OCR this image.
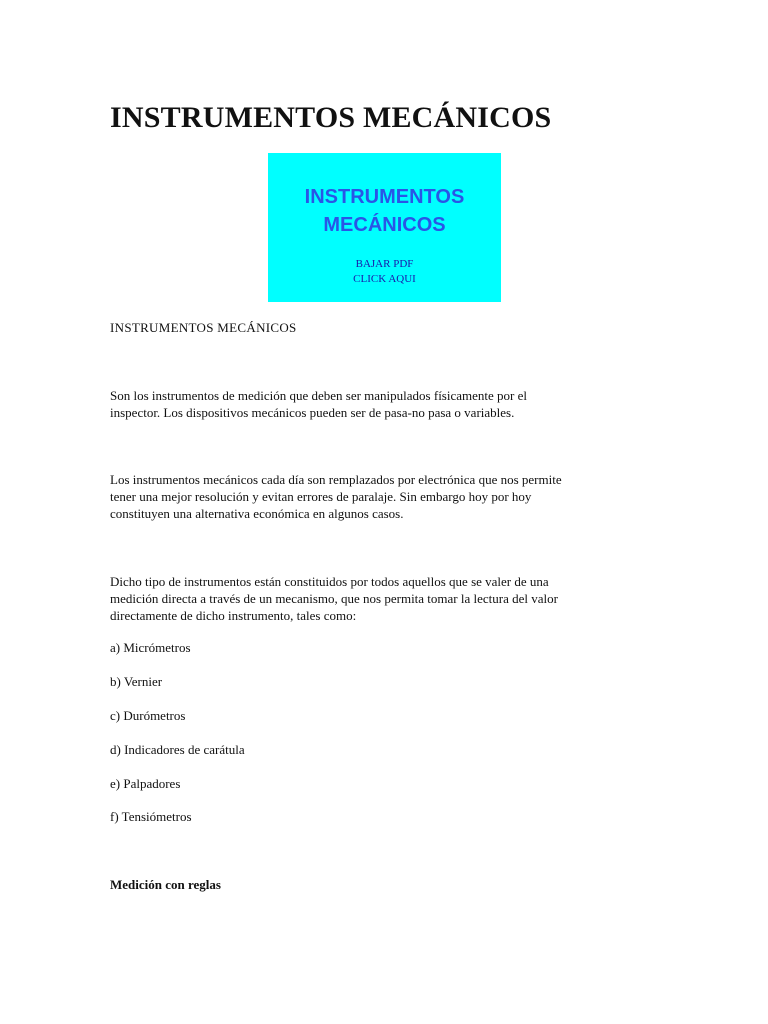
INSTRUMENTOS MECÁNICOS
INSTRUMENTOS
MECÁNICOS
BAJAR PDF
CLICK AQUI
INSTRUMENTOS MECÁNICOS

Son los instrumentos de medición que deben ser manipulados físicamente por el
inspector. Los dispositivos mecánicos pueden ser de pasa-no pasa o variables.

Los instrumentos mecánicos cada día son remplazados por electrónica que nos permite
tener una mejor resolución y evitan errores de paralaje. Sin embargo hoy por hoy
constituyen una alternativa económica en algunos casos.

Dicho tipo de instrumentos están constituidos por todos aquellos que se valer de una
medición directa a través de un mecanismo, que nos permita tomar la lectura del valor
directamente de dicho instrumento, tales como:

a) Micrómetros

b) Vernier

c) Durómetros

d) Indicadores de carátula

e) Palpadores

f) Tensiómetros

Medición con reglas
